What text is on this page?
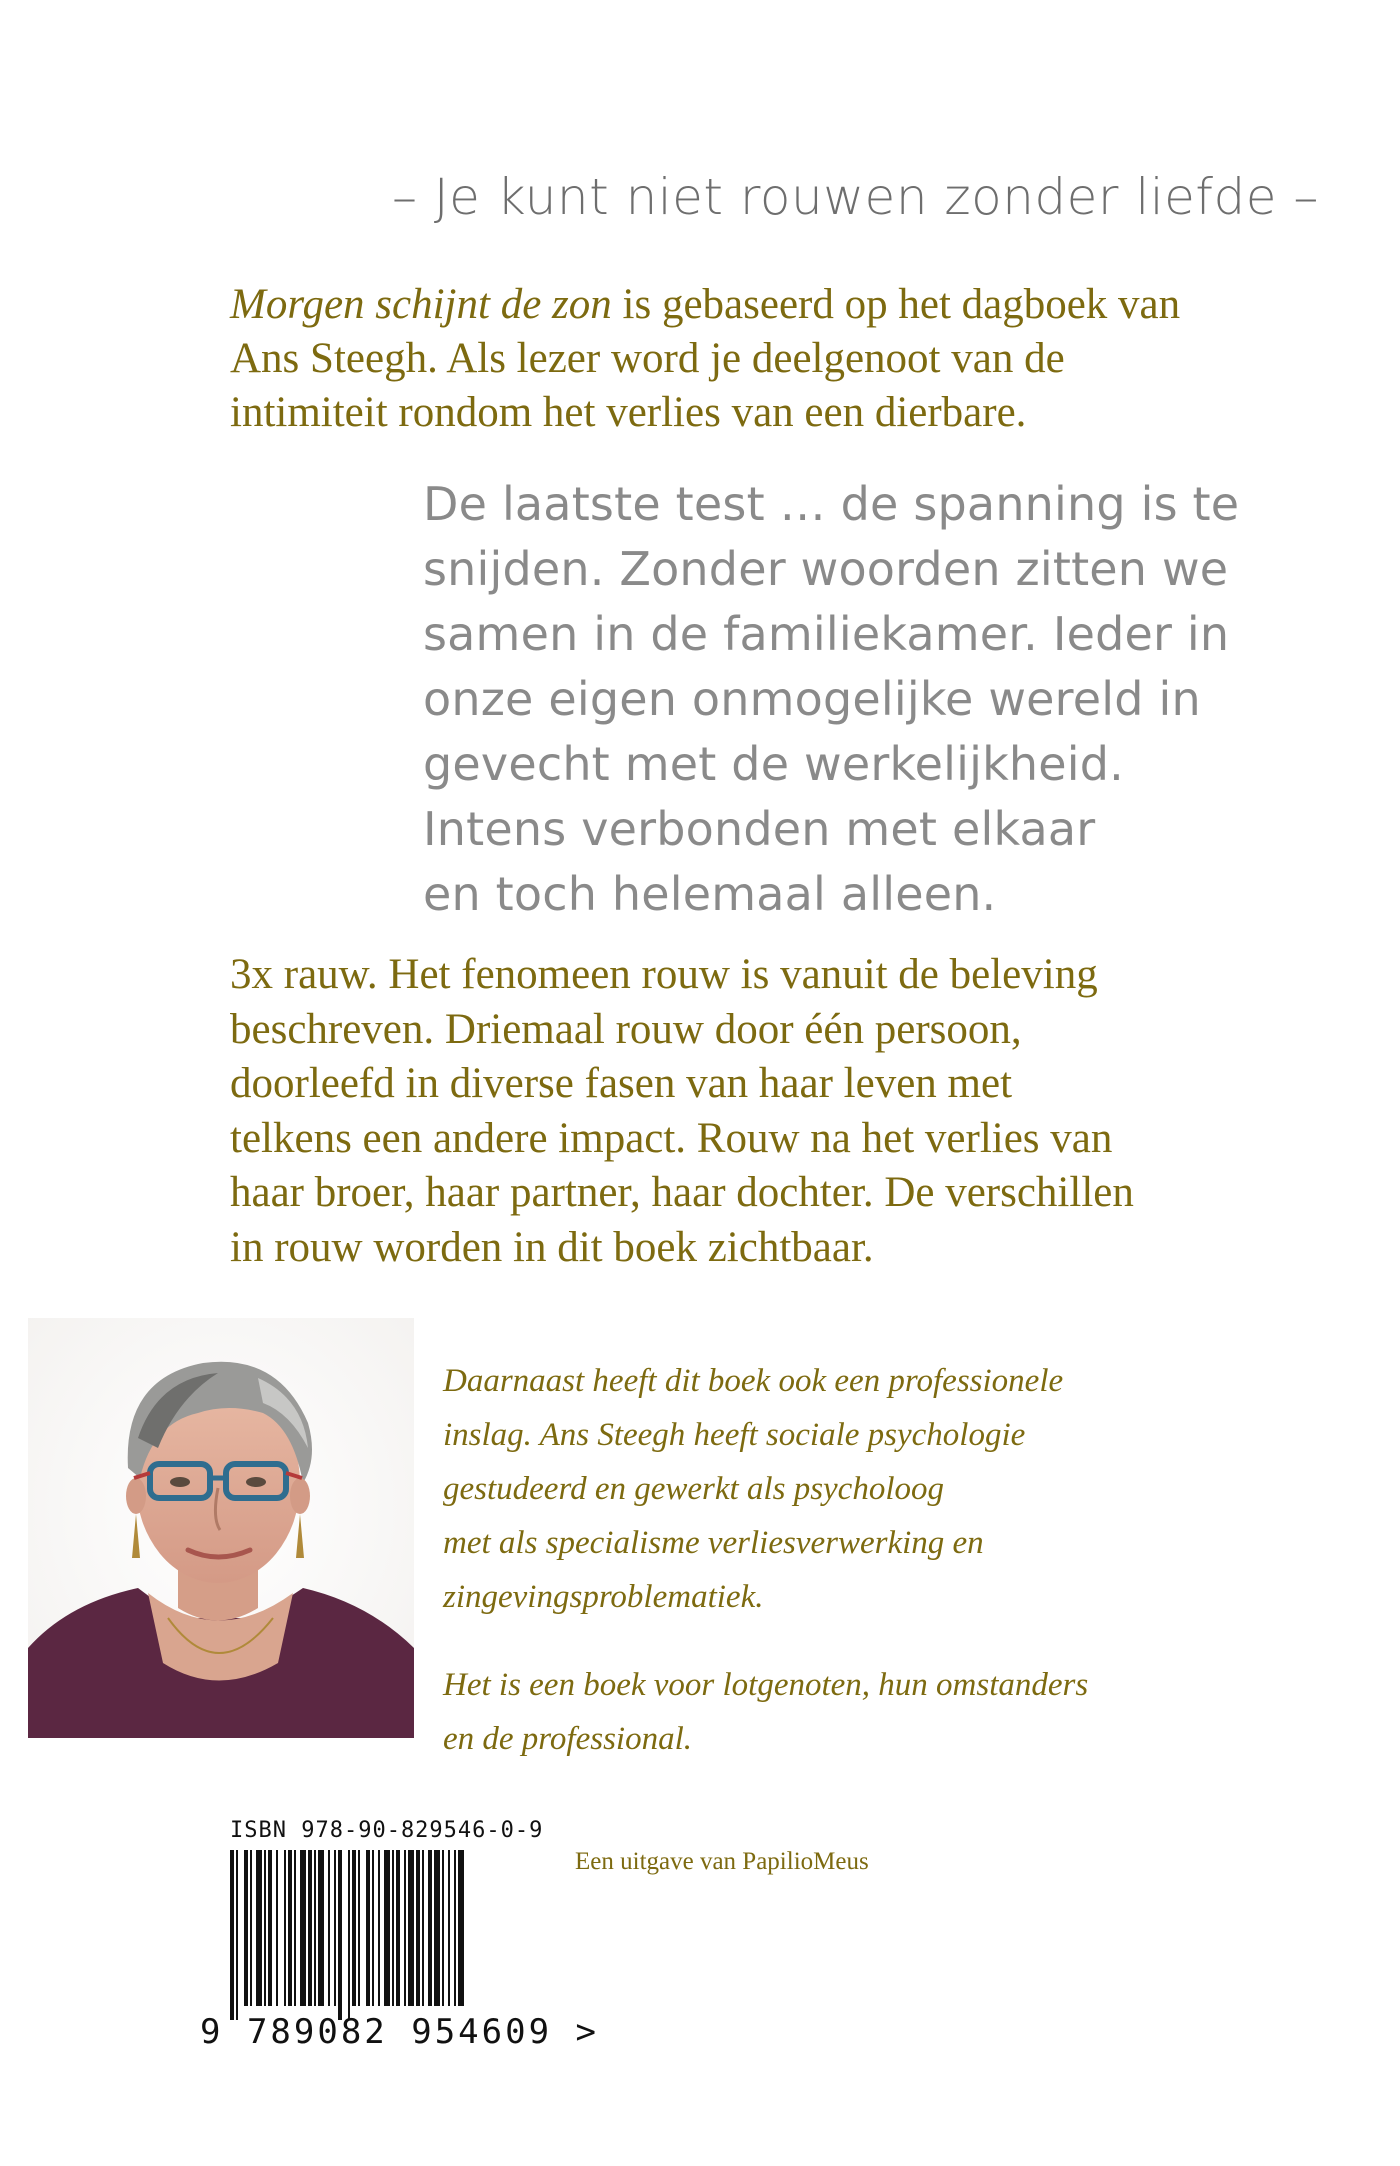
– Je kunt niet rouwen zonder liefde –

Morgen schijnt de zon is gebaseerd op het dagboek van Ans Steegh. Als lezer word je deelgenoot van de intimiteit rondom het verlies van een dierbare.

De laatste test … de spanning is te
snijden. Zonder woorden zitten we
samen in de familiekamer. Ieder in
onze eigen onmogelijke wereld in
gevecht met de werkelijkheid.
Intens verbonden met elkaar
en toch helemaal alleen.
3x rauw. Het fenomeen rouw is vanuit de beleving
beschreven. Driemaal rouw door één persoon,
doorleefd in diverse fasen van haar leven met
telkens een andere impact. Rouw na het verlies van
haar broer, haar partner, haar dochter. De verschillen
in rouw worden in dit boek zichtbaar.
Daarnaast heeft dit boek ook een professionele
inslag. Ans Steegh heeft sociale psychologie
gestudeerd en gewerkt als psycholoog
met als specialisme verliesverwerking en
zingevingsproblematiek.
Het is een boek voor lotgenoten, hun omstanders
en de professional.
ISBN 978-90-829546-0-9
9 789082 954609 >
Een uitgave van PapilioMeus
